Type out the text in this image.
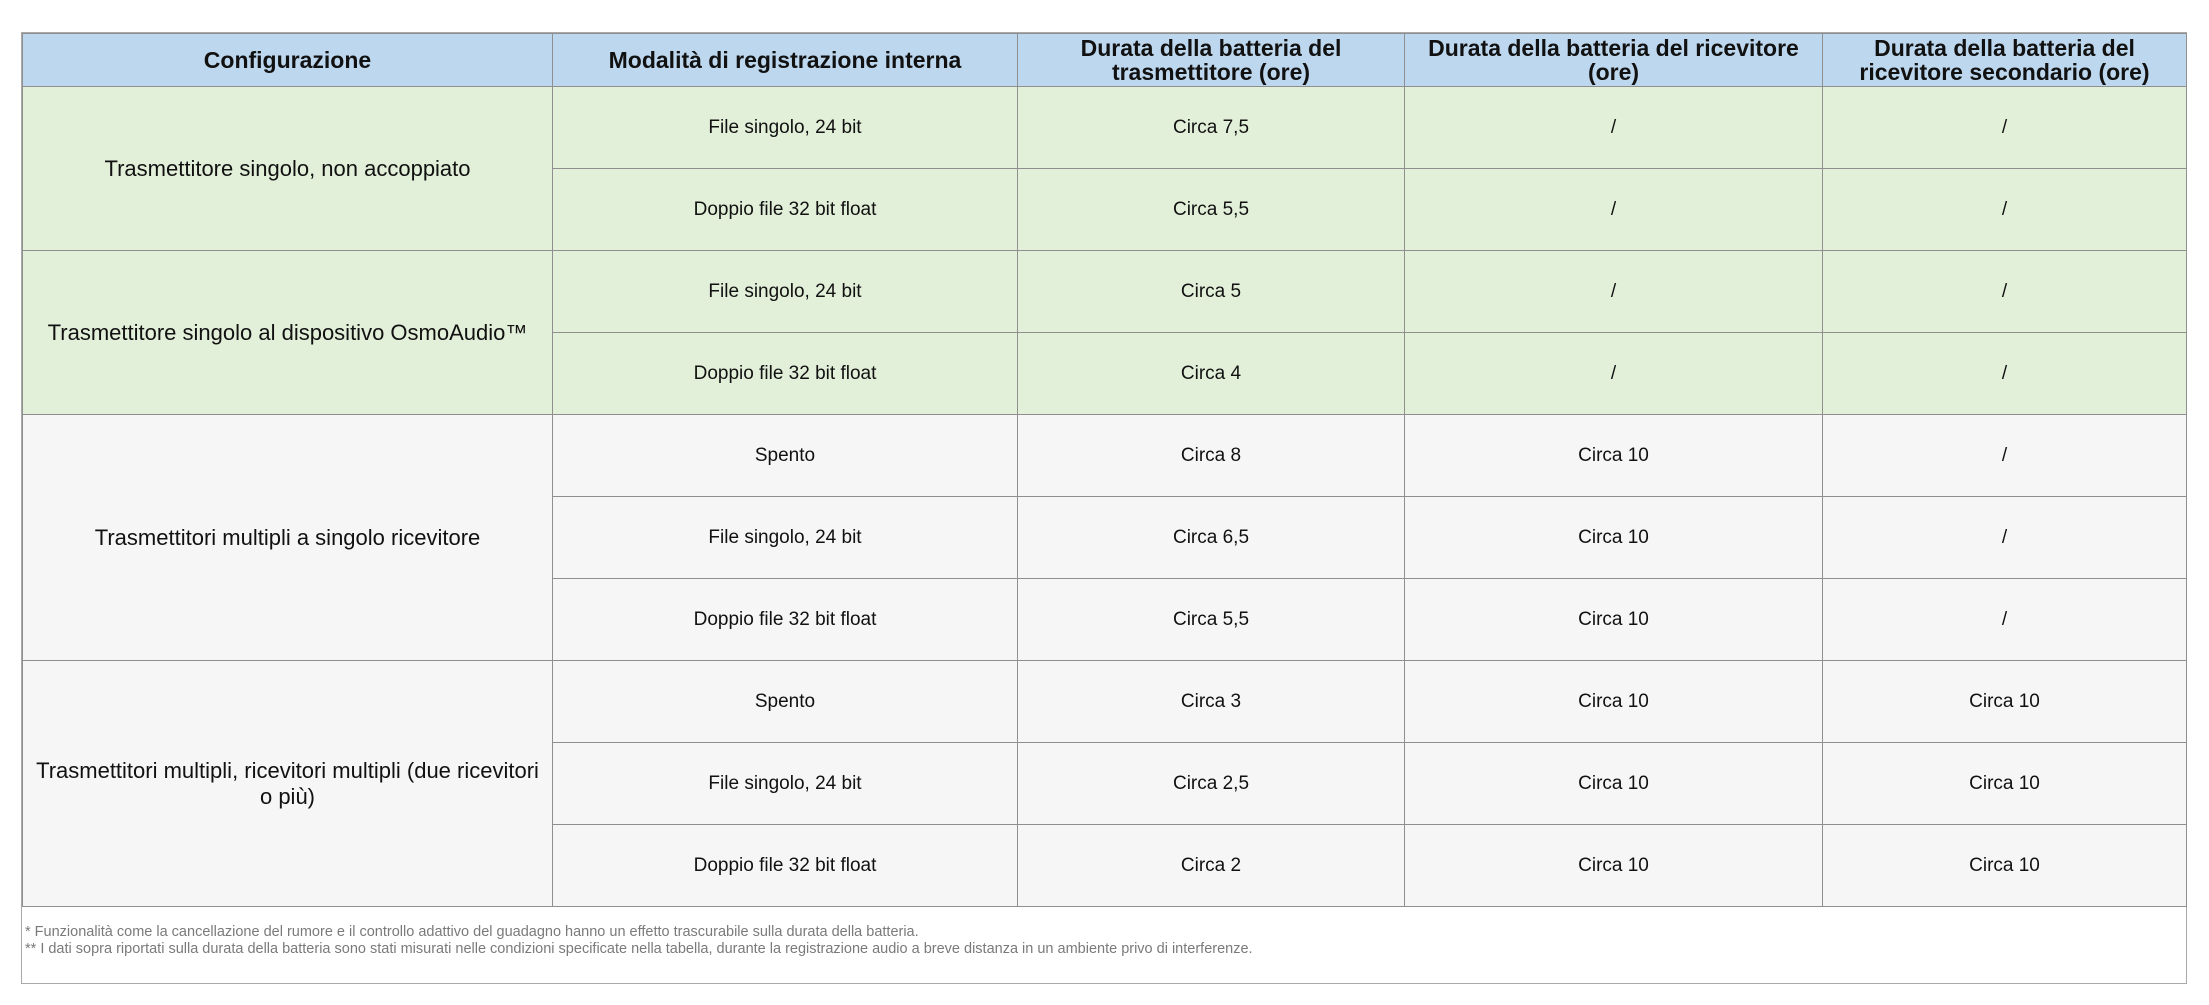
Configurazione	Modalità di registrazione interna	Durata della batteria del trasmettitore (ore)	Durata della batteria del ricevitore (ore)	Durata della batteria del ricevitore secondario (ore)
Trasmettitore singolo, non accoppiato	File singolo, 24 bit	Circa 7,5	/	/
	Doppio file 32 bit float	Circa 5,5	/	/
Trasmettitore singolo al dispositivo OsmoAudio™	File singolo, 24 bit	Circa 5	/	/
	Doppio file 32 bit float	Circa 4	/	/
Trasmettitori multipli a singolo ricevitore	Spento	Circa 8	Circa 10	/
	File singolo, 24 bit	Circa 6,5	Circa 10	/
	Doppio file 32 bit float	Circa 5,5	Circa 10	/
Trasmettitori multipli, ricevitori multipli (due ricevitori o più)	Spento	Circa 3	Circa 10	Circa 10
	File singolo, 24 bit	Circa 2,5	Circa 10	Circa 10
	Doppio file 32 bit float	Circa 2	Circa 10	Circa 10
* Funzionalità come la cancellazione del rumore e il controllo adattivo del guadagno hanno un effetto trascurabile sulla durata della batteria.
** I dati sopra riportati sulla durata della batteria sono stati misurati nelle condizioni specificate nella tabella, durante la registrazione audio a breve distanza in un ambiente privo di interferenze.
